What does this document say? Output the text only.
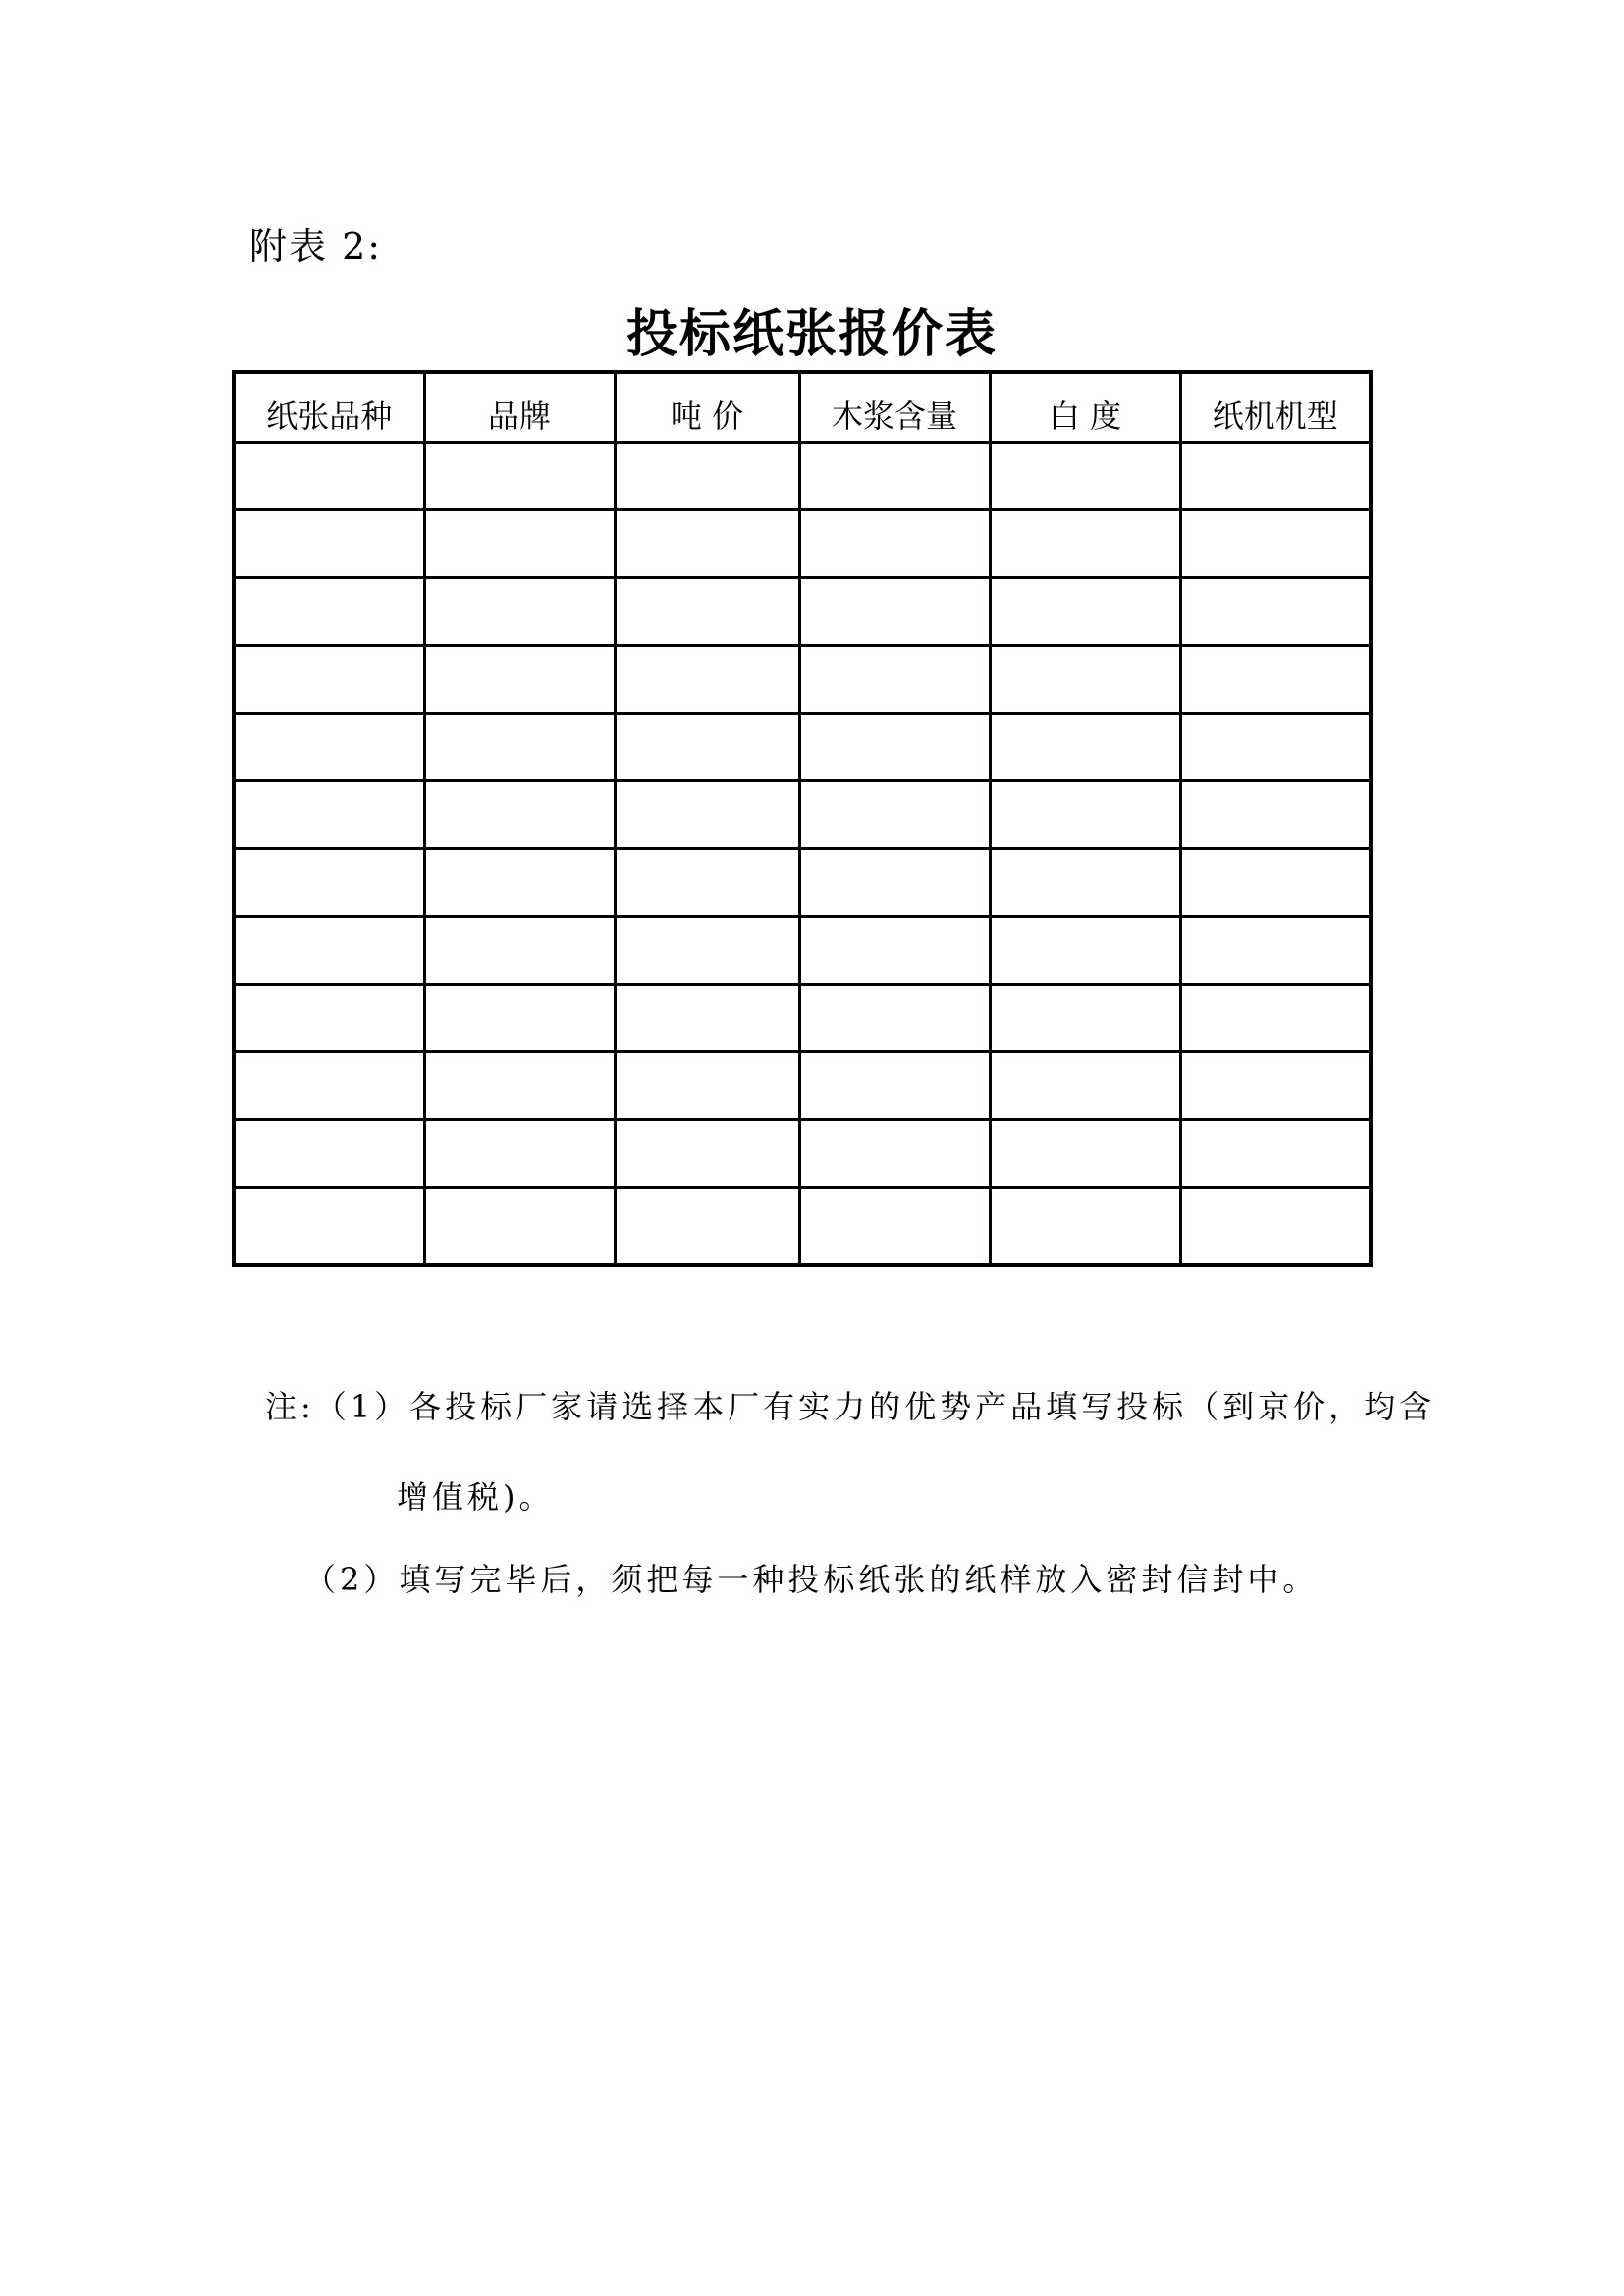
附表 2:
投标纸张报价表
纸张品种	品牌	吨 价	木浆含量	白 度	纸机机型

注:（1）各投标厂家请选择本厂有实力的优势产品填写投标（到京价，均含
增值税)。
（2）填写完毕后，须把每一种投标纸张的纸样放入密封信封中。
